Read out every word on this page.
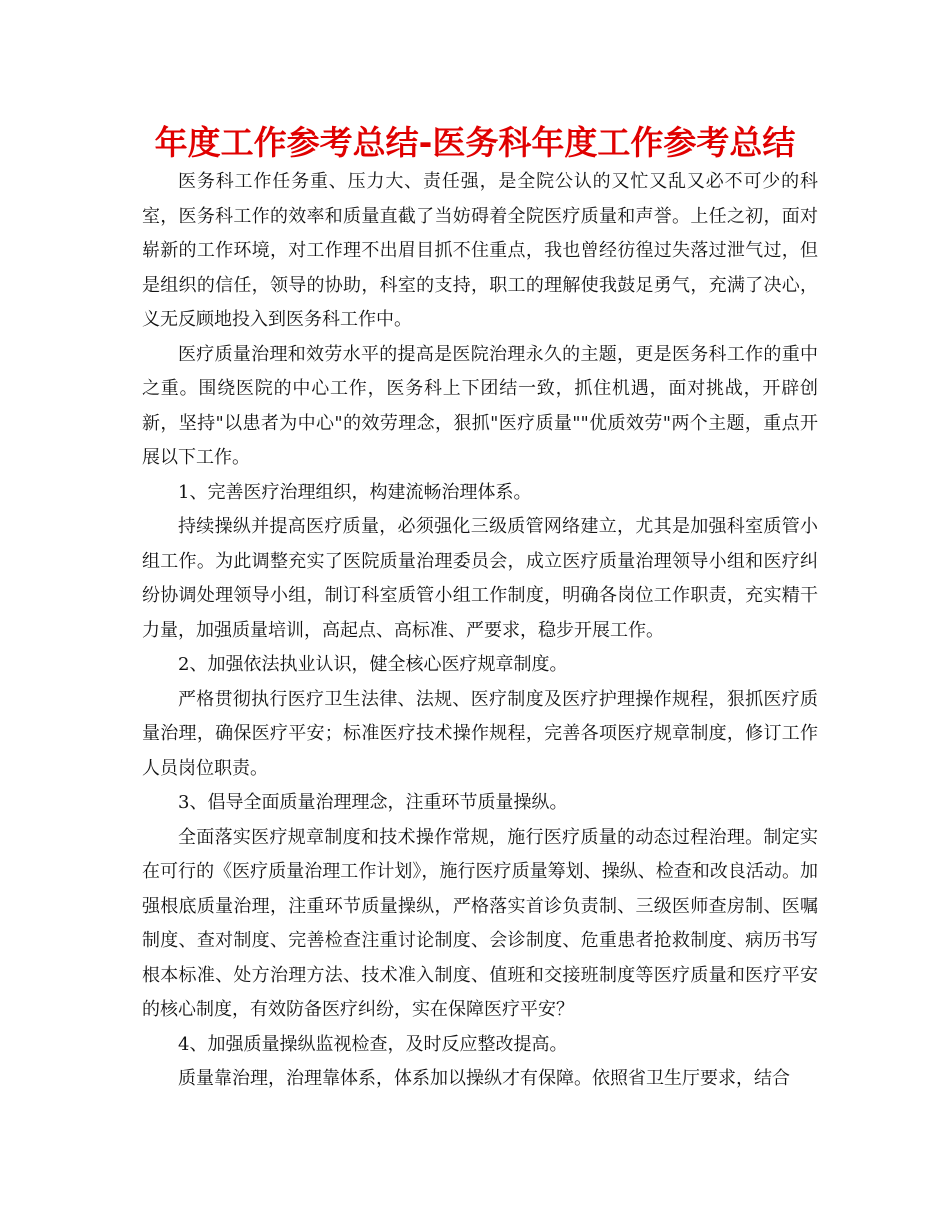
年度工作参考总结-医务科年度工作参考总结

医务科工作任务重、压力大、责任强，是全院公认的又忙又乱又必不可少的科室，医务科工作的效率和质量直截了当妨碍着全院医疗质量和声誉。上任之初，面对崭新的工作环境，对工作理不出眉目抓不住重点，我也曾经彷徨过失落过泄气过，但是组织的信任，领导的协助，科室的支持，职工的理解使我鼓足勇气，充满了决心，义无反顾地投入到医务科工作中。

医疗质量治理和效劳水平的提高是医院治理永久的主题，更是医务科工作的重中之重。围绕医院的中心工作，医务科上下团结一致，抓住机遇，面对挑战，开辟创新，坚持"以患者为中心"的效劳理念，狠抓"医疗质量""优质效劳"两个主题，重点开展以下工作。

1、完善医疗治理组织，构建流畅治理体系。

持续操纵并提高医疗质量，必须强化三级质管网络建立，尤其是加强科室质管小组工作。为此调整充实了医院质量治理委员会，成立医疗质量治理领导小组和医疗纠纷协调处理领导小组，制订科室质管小组工作制度，明确各岗位工作职责，充实精干力量，加强质量培训，高起点、高标准、严要求，稳步开展工作。

2、加强依法执业认识，健全核心医疗规章制度。

严格贯彻执行医疗卫生法律、法规、医疗制度及医疗护理操作规程，狠抓医疗质量治理，确保医疗平安；标准医疗技术操作规程，完善各项医疗规章制度，修订工作人员岗位职责。

3、倡导全面质量治理理念，注重环节质量操纵。

全面落实医疗规章制度和技术操作常规，施行医疗质量的动态过程治理。制定实在可行的《医疗质量治理工作计划》，施行医疗质量筹划、操纵、检查和改良活动。加强根底质量治理，注重环节质量操纵，严格落实首诊负责制、三级医师查房制、医嘱制度、查对制度、完善检查注重讨论制度、会诊制度、危重患者抢救制度、病历书写根本标准、处方治理方法、技术准入制度、值班和交接班制度等医疗质量和医疗平安的核心制度，有效防备医疗纠纷，实在保障医疗平安？

4、加强质量操纵监视检查，及时反应整改提高。

质量靠治理，治理靠体系，体系加以操纵才有保障。依照省卫生厅要求，结合
